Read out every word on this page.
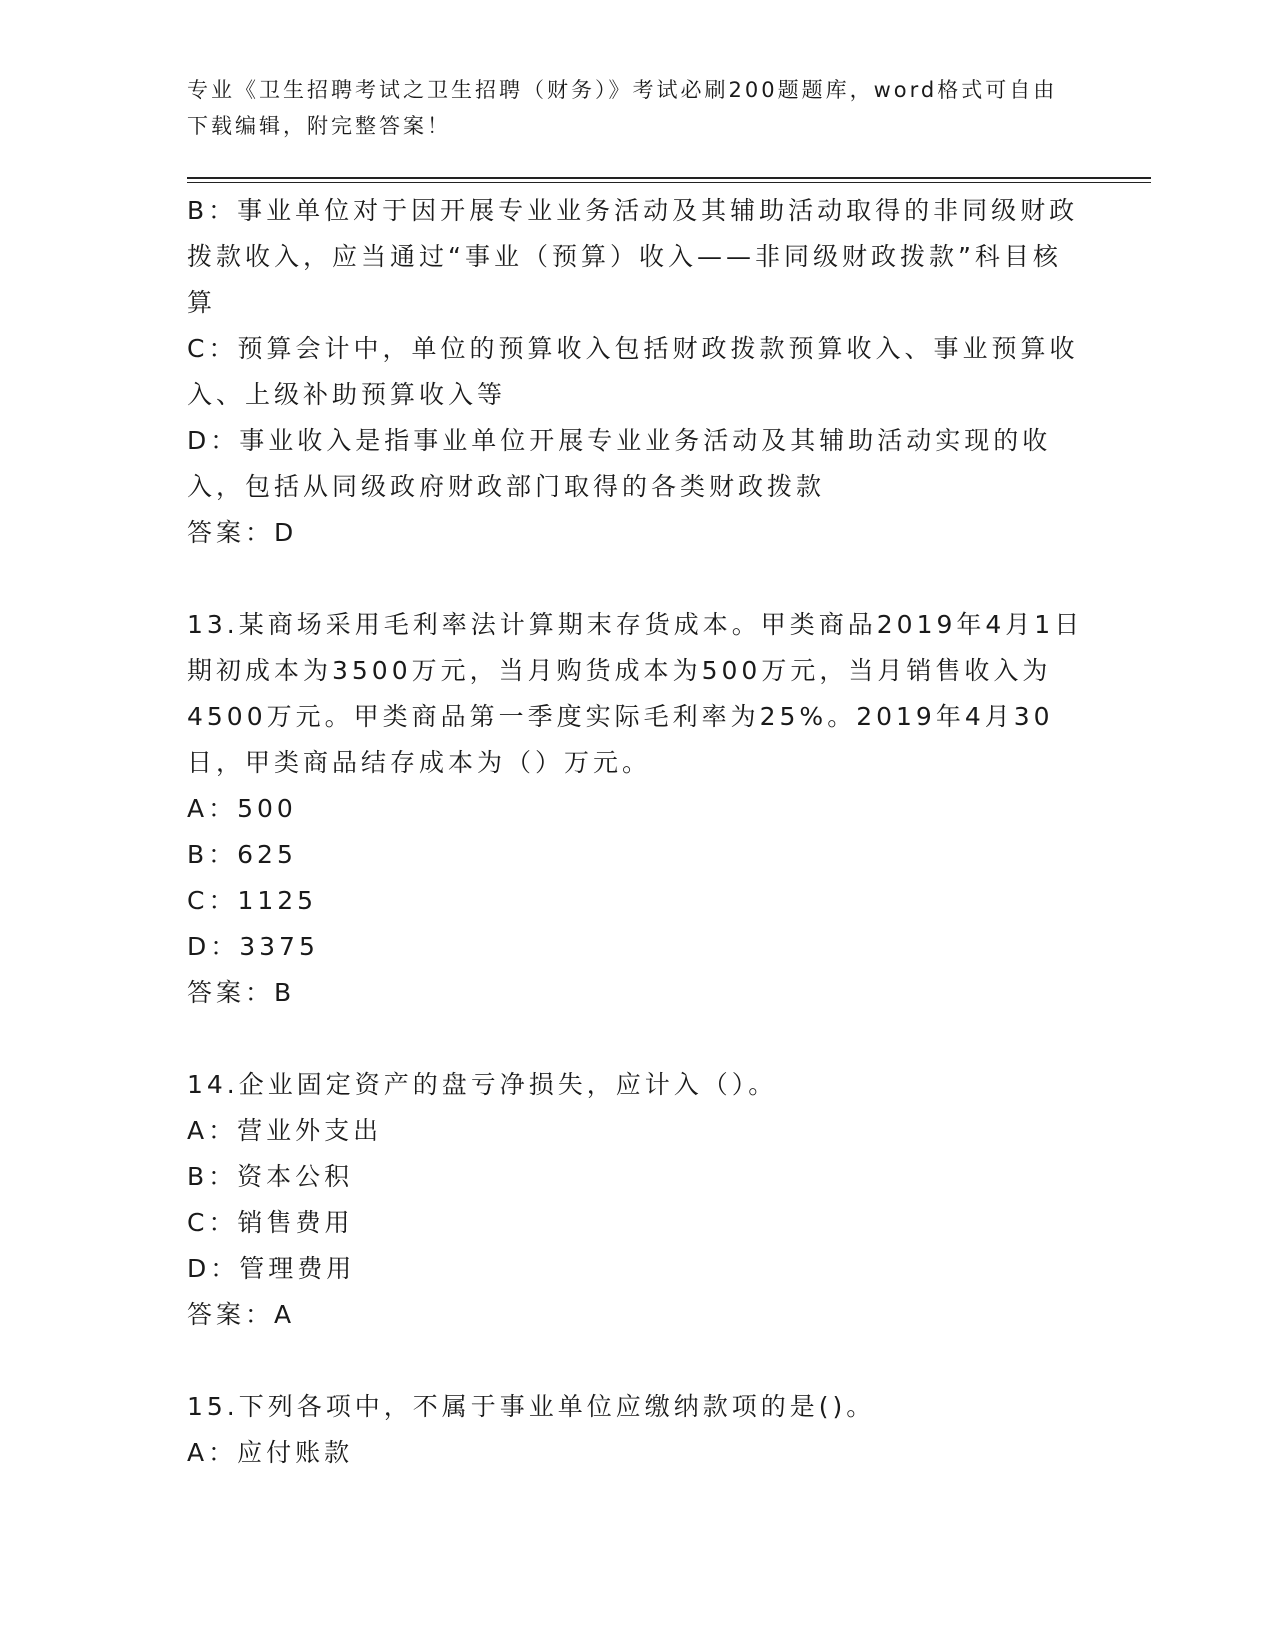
专业《卫生招聘考试之卫生招聘（财务）》考试必刷200题题库，word格式可自由下载编辑，附完整答案！

B：事业单位对于因开展专业业务活动及其辅助活动取得的非同级财政拨款收入，应当通过“事业（预算）收入——非同级财政拨款”科目核算

C：预算会计中，单位的预算收入包括财政拨款预算收入、事业预算收入、上级补助预算收入等

D：事业收入是指事业单位开展专业业务活动及其辅助活动实现的收入，包括从同级政府财政部门取得的各类财政拨款

答案：D

13.某商场采用毛利率法计算期末存货成本。甲类商品2019年4月1日期初成本为3500万元，当月购货成本为500万元，当月销售收入为4500万元。甲类商品第一季度实际毛利率为25%。2019年4月30日，甲类商品结存成本为（）万元。

A：500

B：625

C：1125

D：3375

答案：B

14.企业固定资产的盘亏净损失，应计入（）。

A：营业外支出

B：资本公积

C：销售费用

D：管理费用

答案：A

15.下列各项中，不属于事业单位应缴纳款项的是()。

A：应付账款
